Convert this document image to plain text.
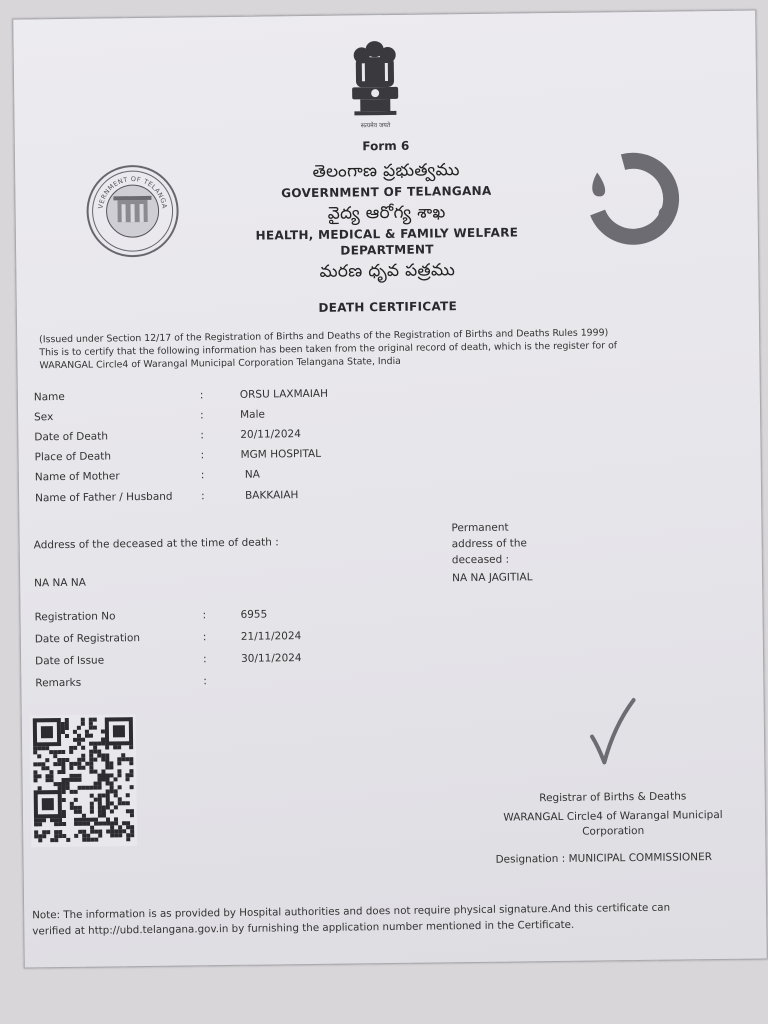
सत्यमेव जयते
Form 6
తెలంగాణ ప్రభుత్వము
GOVERNMENT OF TELANGANA
వైద్య ఆరోగ్య శాఖ
HEALTH, MEDICAL & FAMILY WELFARE
DEPARTMENT
మరణ ధృవ పత్రము
DEATH CERTIFICATE
GOVERNMENT OF TELANGANA
(Issued under Section 12/17 of the Registration of Births and Deaths of the Registration of Births and Deaths Rules 1999)
This is to certify that the following information has been taken from the original record of death, which is the register for of
WARANGAL Circle4 of Warangal Municipal Corporation Telangana State, India
Name	:	ORSU LAXMAIAH
Sex	:	Male
Date of Death	:	20/11/2024
Place of Death	:	MGM HOSPITAL
Name of Mother	:	NA
Name of Father / Husband	:	BAKKAIAH
Address of the deceased at the time of death :
NA NA NA
Permanent
address of the
deceased :
NA NA JAGITIAL
Registration No	:	6955
Date of Registration	:	21/11/2024
Date of Issue	:	30/11/2024
Remarks	:
Registrar of Births & Deaths
WARANGAL Circle4 of Warangal Municipal
Corporation
Designation : MUNICIPAL COMMISSIONER
Note: The information is as provided by Hospital authorities and does not require physical signature.And this certificate can
verified at http://ubd.telangana.gov.in by furnishing the application number mentioned in the Certificate.
